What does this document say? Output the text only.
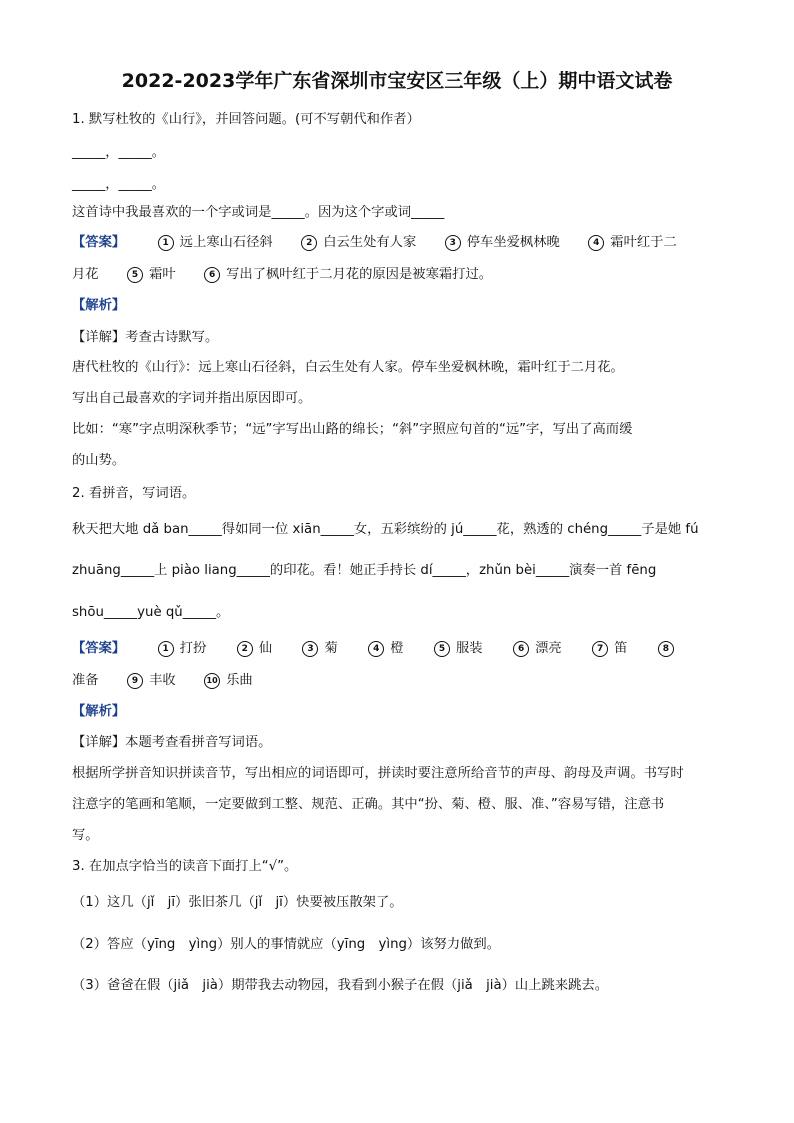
2022-2023学年广东省深圳市宝安区三年级（上）期中语文试卷
1. 默写杜牧的《山行》，并回答问题。(可不写朝代和作者）
_____，_____。
_____，_____。
这首诗中我最喜欢的一个字或词是_____。因为这个字或词_____
【答案】	1 远上寒山石径斜	2 白云生处有人家	3 停车坐爱枫林晚	4 霜叶红于二
月花	5 霜叶	6 写出了枫叶红于二月花的原因是被寒霜打过。
【解析】
【详解】考查古诗默写。
唐代杜牧的《山行》：远上寒山石径斜，白云生处有人家。停车坐爱枫林晚，霜叶红于二月花。
写出自己最喜欢的字词并指出原因即可。
比如：“寒”字点明深秋季节；“远”字写出山路的绵长；“斜”字照应句首的“远”字，写出了高而缓
的山势。
2. 看拼音，写词语。
秋天把大地 dǎ ban_____得如同一位 xiān_____女，五彩缤纷的 jú_____花，熟透的 chéng_____子是她 fú
zhuāng_____上 piào liang_____的印花。看！她正手持长 dí_____，zhǔn bèi_____演奏一首 fēng
shōu_____yuè qǔ_____。
【答案】	1 打扮	2 仙	3 菊	4 橙	5 服装	6 漂亮	7 笛	8
准备	9 丰收	10 乐曲
【解析】
【详解】本题考查看拼音写词语。
根据所学拼音知识拼读音节，写出相应的词语即可，拼读时要注意所给音节的声母、韵母及声调。书写时
注意字的笔画和笔顺，一定要做到工整、规范、正确。其中“扮、菊、橙、服、准、”容易写错，注意书
写。
3. 在加点字恰当的读音下面打上“√”。
（1）这几（jǐ　jī）张旧茶几（jǐ　jī）快要被压散架了。
（2）答应（yīng　yìng）别人的事情就应（yīng　yìng）该努力做到。
（3）爸爸在假（jiǎ　jià）期带我去动物园，我看到小猴子在假（jiǎ　jià）山上跳来跳去。
